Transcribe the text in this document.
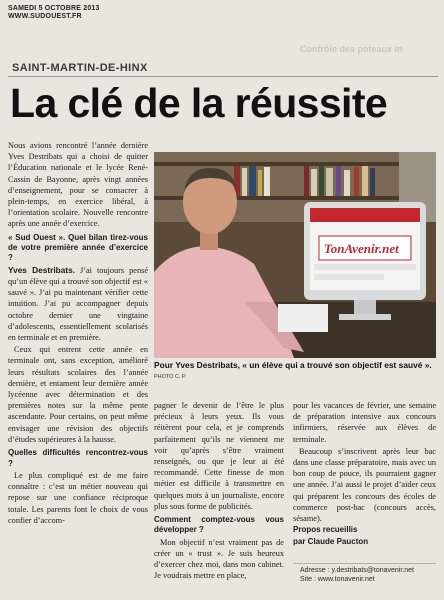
SAMEDI 5 OCTOBRE 2013
WWW.SUDOUEST.FR
Contrôle des poteaux in
SAINT-MARTIN-DE-HINX
La clé de la réussite

Nous avions rencontré l’année dernière Yves Destribats qui a choisi de quitter l’Éducation nationale et le lycée René-Cassin de Bayonne, après vingt années d’enseignement, pour se consacrer à plein-temps, en exercice libéral, à l’orientation scolaire. Nouvelle rencontre après une année d’exercice.

« Sud Ouest ». Quel bilan tirez-vous de votre première année d’exercice ?

Yves Destribats. J’ai toujours pensé qu’un élève qui a trouvé son objectif est « sauvé ». J’ai pu maintenant vérifier cette intuition. J’ai pu accompagner depuis octobre dernier une vingtaine d’adolescents, essentiellement scolarisés en terminale et en première.

Ceux qui entrent cette année en terminale ont, sans exception, amélioré leurs résultats scolaires des l’année dernière, et entament leur dernière année lycéenne avec détermination et des premières notes sur la même pente ascendante. Pour certains, on peut même envisager une révision des objectifs d’études supérieures à la hausse.

Quelles difficultés rencontrez-vous ?

Le plus compliqué est de me faire connaître : c’est un métier nouveau qui repose sur une confiance réciproque totale. Les parents font le choix de vous confier d’accom-

TonAvenir.net
Pour Yves Destribats, « un élève qui a trouvé son objectif est sauvé ». PHOTO C. P.

pagner le devenir de l’être le plus précieux à leurs yeux. Ils vous réitèrent pour cela, et je comprends parfaitement qu’ils ne viennent me voir qu’après s’être vraiment renseignés, ou que je leur ai été recommandé. Cette finesse de mon métier est difficile à transmettre en quelques mots à un journaliste, encore plus sous forme de publicités.

Comment comptez-vous vous développer ?

Mon objectif n’est vraiment pas de créer un « trust ». Je suis heureux d’exercer chez moi, dans mon cabinet. Je voudrais mettre en place,

pour les vacances de février, une semaine de préparation intensive aux concours infirmiers, réservée aux élèves de terminale.

Beaucoup s’inscrivent après leur bac dans une classe préparatoire, mais avec un bon coup de pouce, ils pourraient gagner une année. J’ai aussi le projet d’aider ceux qui préparent les concours des écoles de commerce post-bac (concours accès, sésame).

Propos recueillis

par Claude Paucton

Adresse : y.destribats@tonavenir.net
Site : www.tonavenir.net
